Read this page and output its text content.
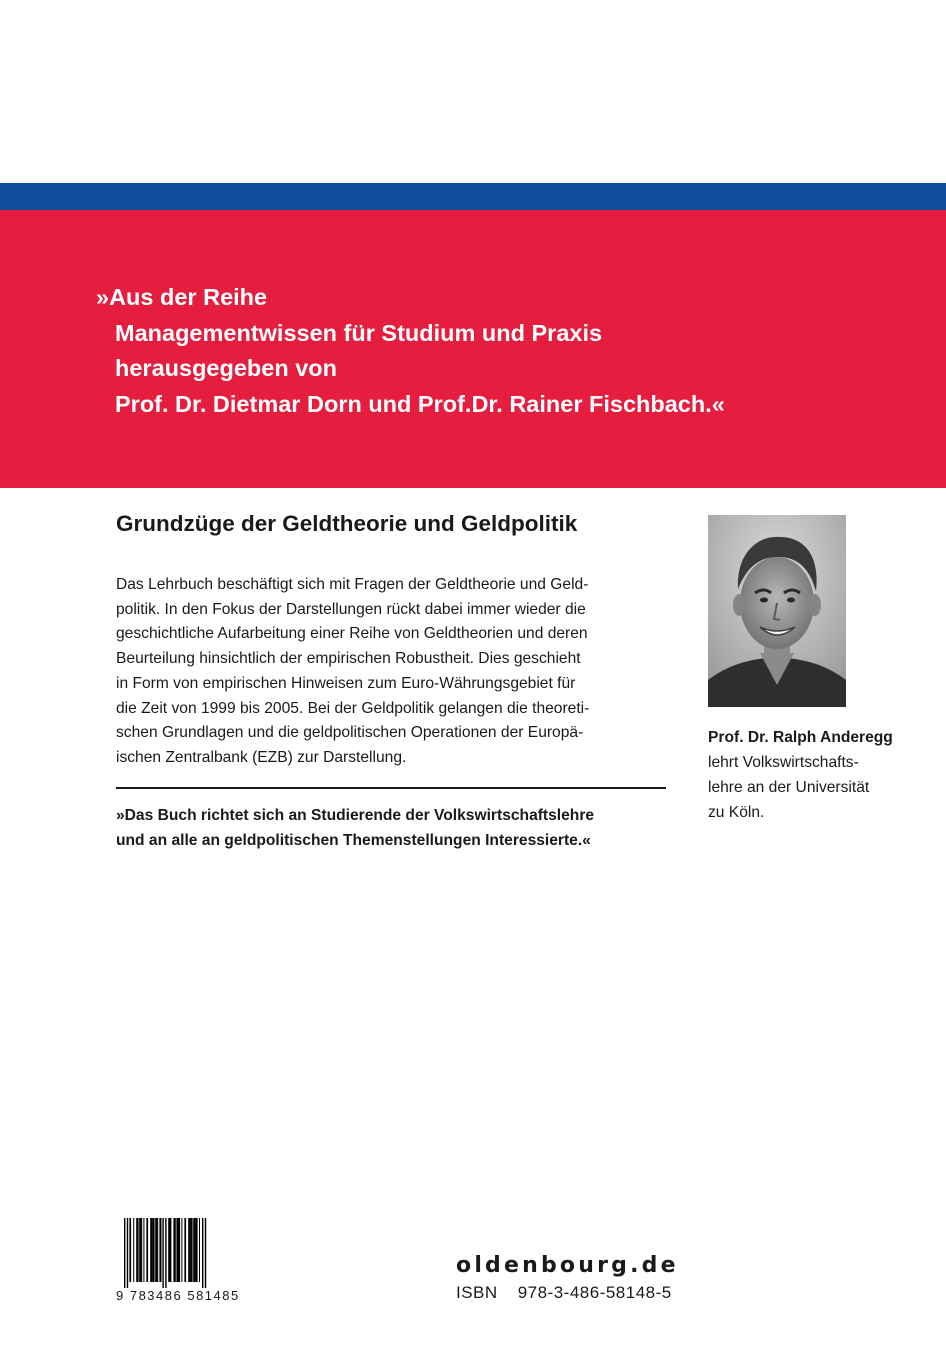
»Aus der Reihe
Managementwissen für Studium und Praxis
herausgegeben von
Prof. Dr. Dietmar Dorn und Prof.Dr. Rainer Fischbach.«
Grundzüge der Geldtheorie und Geldpolitik
Das Lehrbuch beschäftigt sich mit Fragen der Geldtheorie und Geld-
politik. In den Fokus der Darstellungen rückt dabei immer wieder die
geschichtliche Aufarbeitung einer Reihe von Geldtheorien und deren
Beurteilung hinsichtlich der empirischen Robustheit. Dies geschieht
in Form von empirischen Hinweisen zum Euro-Währungsgebiet für
die Zeit von 1999 bis 2005. Bei der Geldpolitik gelangen die theoreti-
schen Grundlagen und die geldpolitischen Operationen der Europä-
ischen Zentralbank (EZB) zur Darstellung.
»Das Buch richtet sich an Studierende der Volkswirtschaftslehre
und an alle an geldpolitischen Themenstellungen Interessierte.«
Prof. Dr. Ralph Anderegg
lehrt Volkswirtschafts-
lehre an der Universität
zu Köln.
9 783486 581485
oldenbourg.de
ISBN 978-3-486-58148-5
